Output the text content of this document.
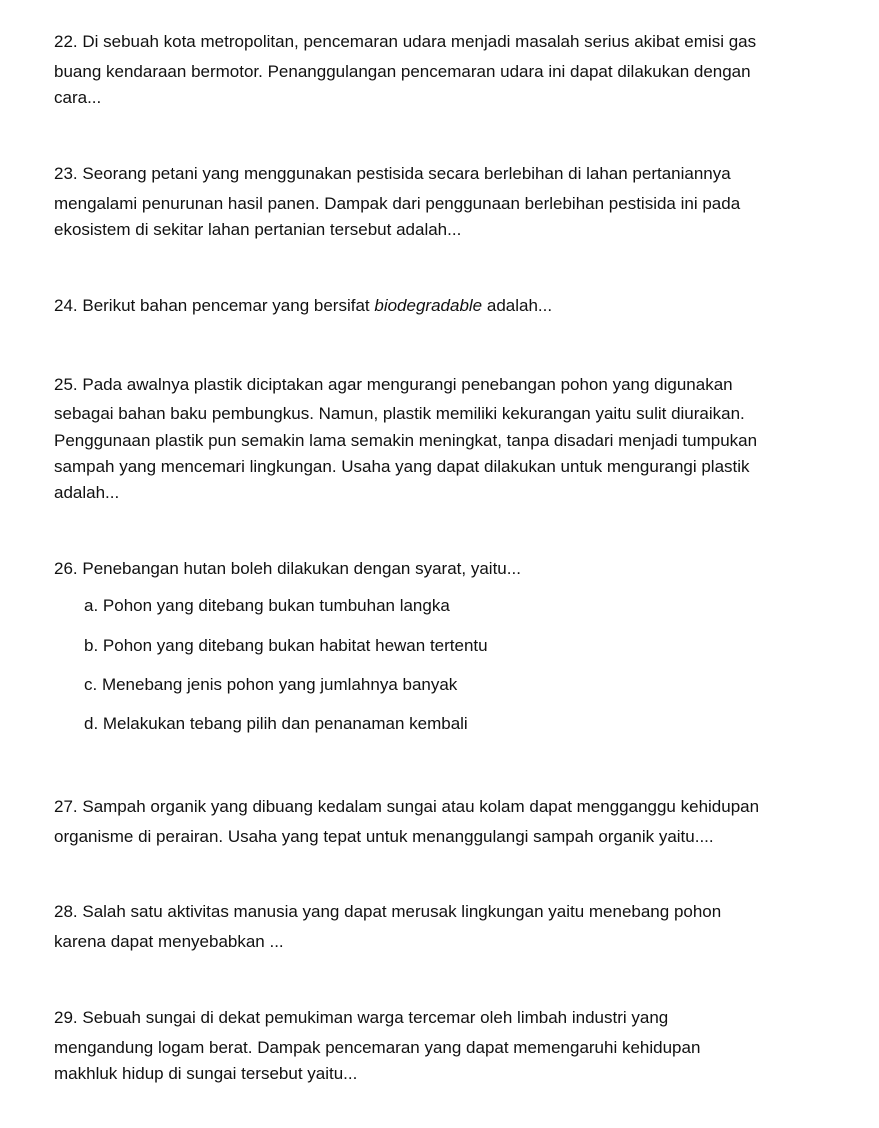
22. Di sebuah kota metropolitan, pencemaran udara menjadi masalah serius akibat emisi gas
buang kendaraan bermotor. Penanggulangan pencemaran udara ini dapat dilakukan dengan
cara...
23. Seorang petani yang menggunakan pestisida secara berlebihan di lahan pertaniannya
mengalami penurunan hasil panen. Dampak dari penggunaan berlebihan pestisida ini pada
ekosistem di sekitar lahan pertanian tersebut adalah...
24. Berikut bahan pencemar yang bersifat biodegradable adalah...
25. Pada awalnya plastik diciptakan agar mengurangi penebangan pohon yang digunakan
sebagai bahan baku pembungkus. Namun, plastik memiliki kekurangan yaitu sulit diuraikan.
Penggunaan plastik pun semakin lama semakin meningkat, tanpa disadari menjadi tumpukan
sampah yang mencemari lingkungan. Usaha yang dapat dilakukan untuk mengurangi plastik
adalah...
26. Penebangan hutan boleh dilakukan dengan syarat, yaitu...
a. Pohon yang ditebang bukan tumbuhan langka
b. Pohon yang ditebang bukan habitat hewan tertentu
c. Menebang jenis pohon yang jumlahnya banyak
d. Melakukan tebang pilih dan penanaman kembali
27. Sampah organik yang dibuang kedalam sungai atau kolam dapat mengganggu kehidupan
organisme di perairan. Usaha yang tepat untuk menanggulangi sampah organik yaitu....
28. Salah satu aktivitas manusia yang dapat merusak lingkungan yaitu menebang pohon
karena dapat menyebabkan ...
29. Sebuah sungai di dekat pemukiman warga tercemar oleh limbah industri yang
mengandung logam berat. Dampak pencemaran yang dapat memengaruhi kehidupan
makhluk hidup di sungai tersebut yaitu...
